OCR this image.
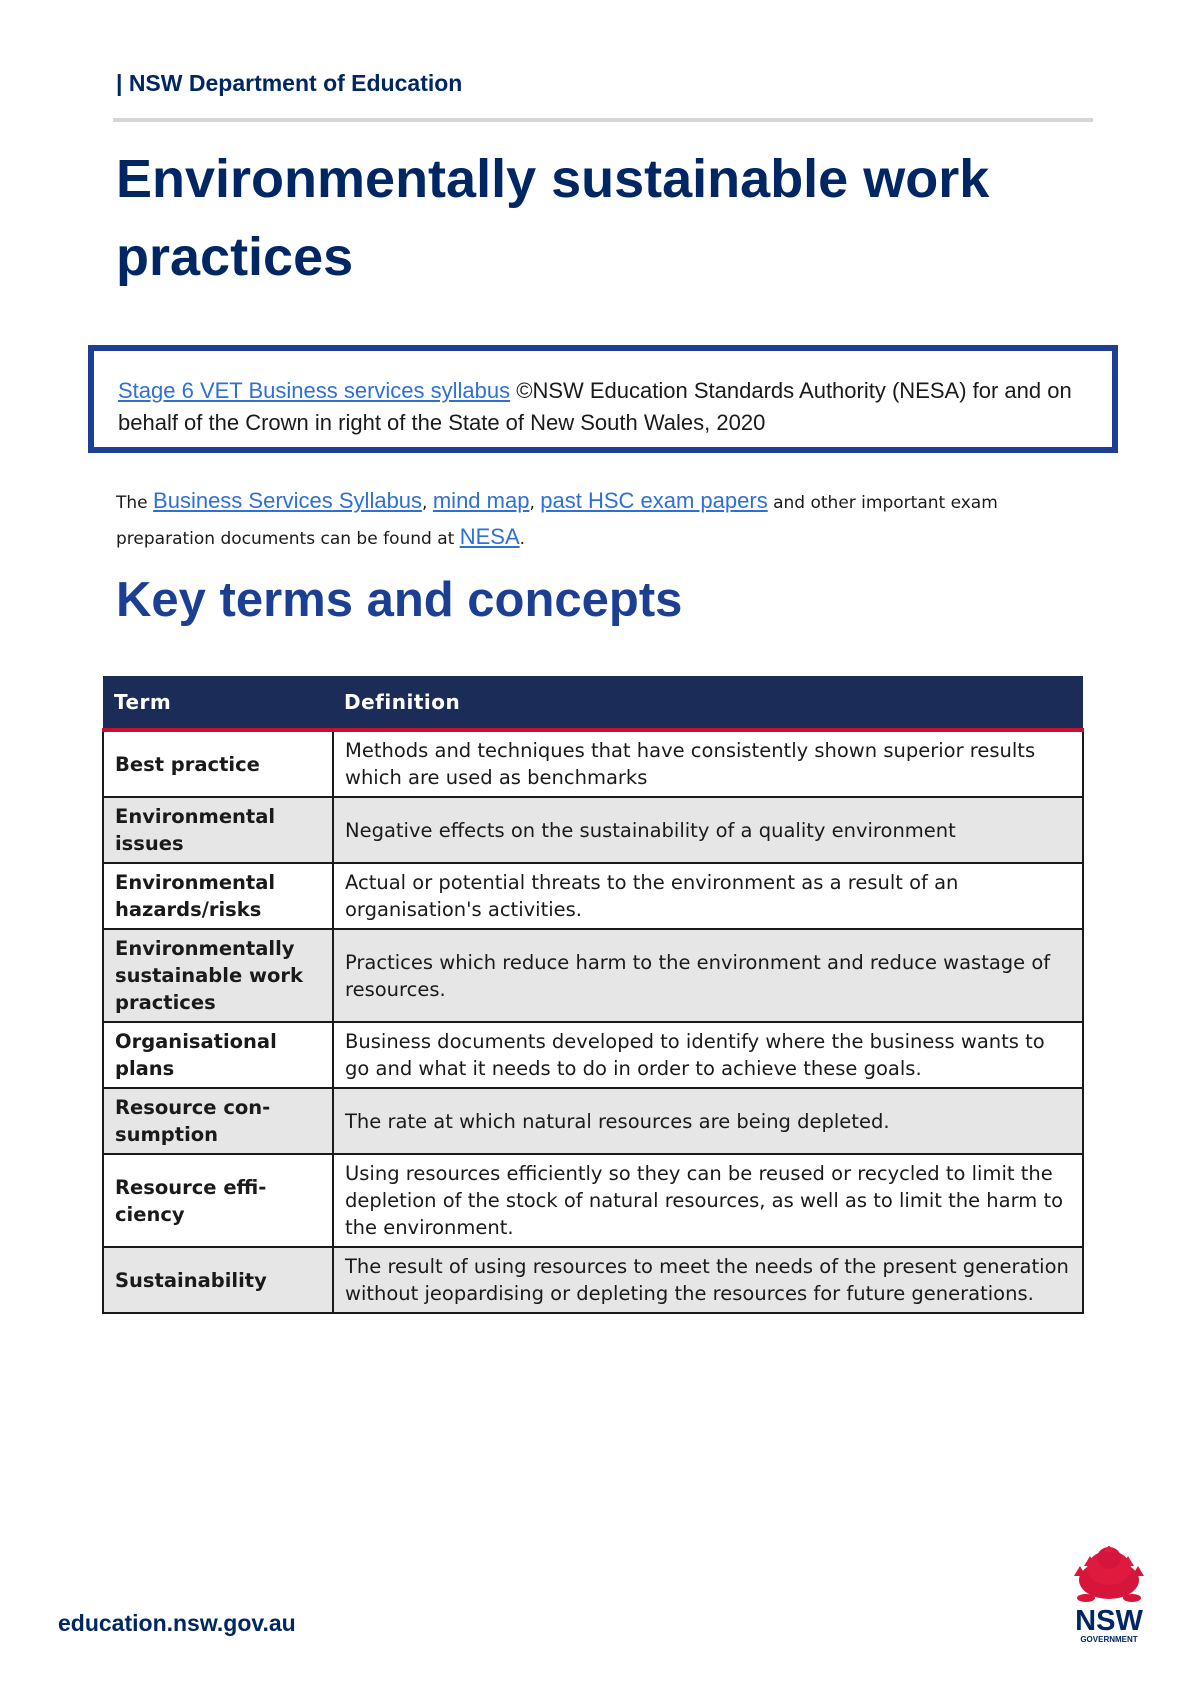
| NSW Department of Education
Environmentally sustainable work practices
Stage 6 VET Business services syllabus ©NSW Education Standards Authority (NESA) for and on behalf of the Crown in right of the State of New South Wales, 2020
The Business Services Syllabus, mind map, past HSC exam papers and other important exam preparation documents can be found at NESA.
Key terms and concepts
Term	Definition
Best practice	Methods and techniques that have consistently shown superior results which are used as benchmarks
Environmental issues	Negative effects on the sustainability of a quality environment
Environmental hazards/risks	Actual or potential threats to the environment as a result of an organisation's activities.
Environmentally sustainable work practices	Practices which reduce harm to the environment and reduce wastage of resources.
Organisational plans	Business documents developed to identify where the business wants to go and what it needs to do in order to achieve these goals.
Resource con-sumption	The rate at which natural resources are being depleted.
Resource effi-ciency	Using resources efficiently so they can be reused or recycled to limit the depletion of the stock of natural resources, as well as to limit the harm to the environment.
Sustainability	The result of using resources to meet the needs of the present generation without jeopardising or depleting the resources for future generations.
education.nsw.gov.au	NSW
GOVERNMENT
